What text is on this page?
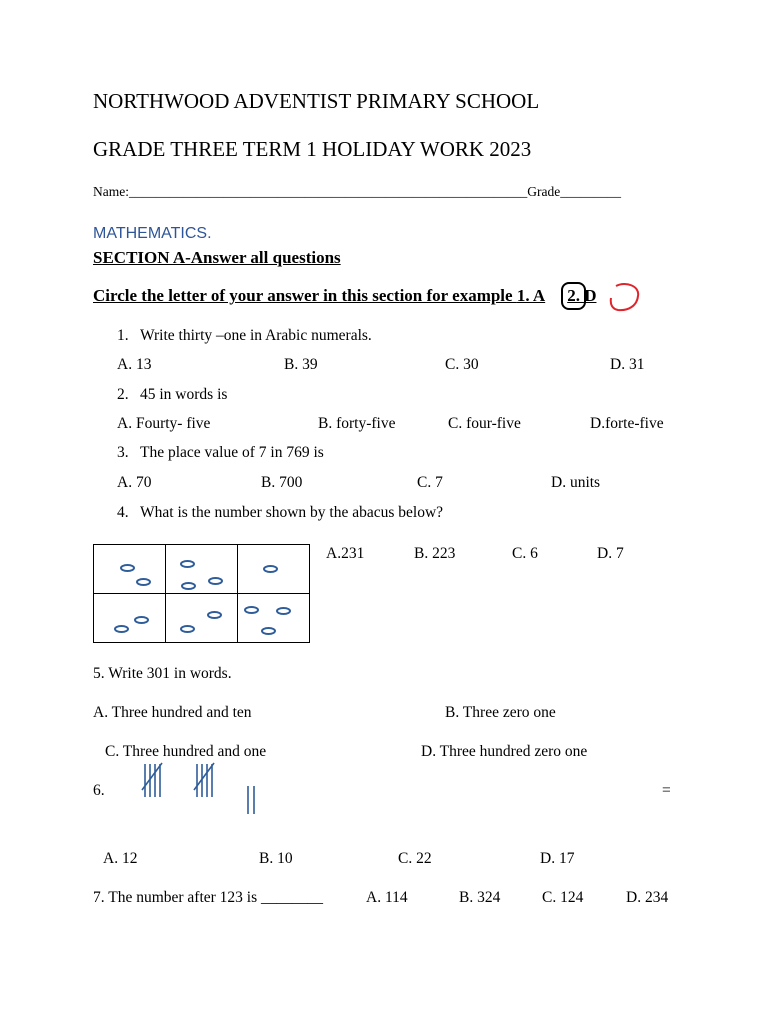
NORTHWOOD ADVENTIST PRIMARY SCHOOL
GRADE THREE TERM 1 HOLIDAY WORK 2023
Name:___________________________________________________________Grade_________
MATHEMATICS.
SECTION A-Answer all questions
Circle the letter of your answer in this section for example 1. A 2. D
1. Write thirty –one in Arabic numerals.
A. 13	B. 39	C. 30	D. 31
2. 45 in words is
A. Fourty- five	B. forty-five	C. four-five	D.forte-five
3. The place value of 7 in 769 is
A. 70	B. 700	C. 7	D. units
4. What is the number shown by the abacus below?

A.231	B. 223	C. 6	D. 7
5. Write 301 in words.
A. Three hundred and ten	B. Three zero one
C. Three hundred and one	D. Three hundred zero one
6.	=
A. 12	B. 10	C. 22	D. 17
7. The number after 123 is ________	A. 114	B. 324	C. 124	D. 234
